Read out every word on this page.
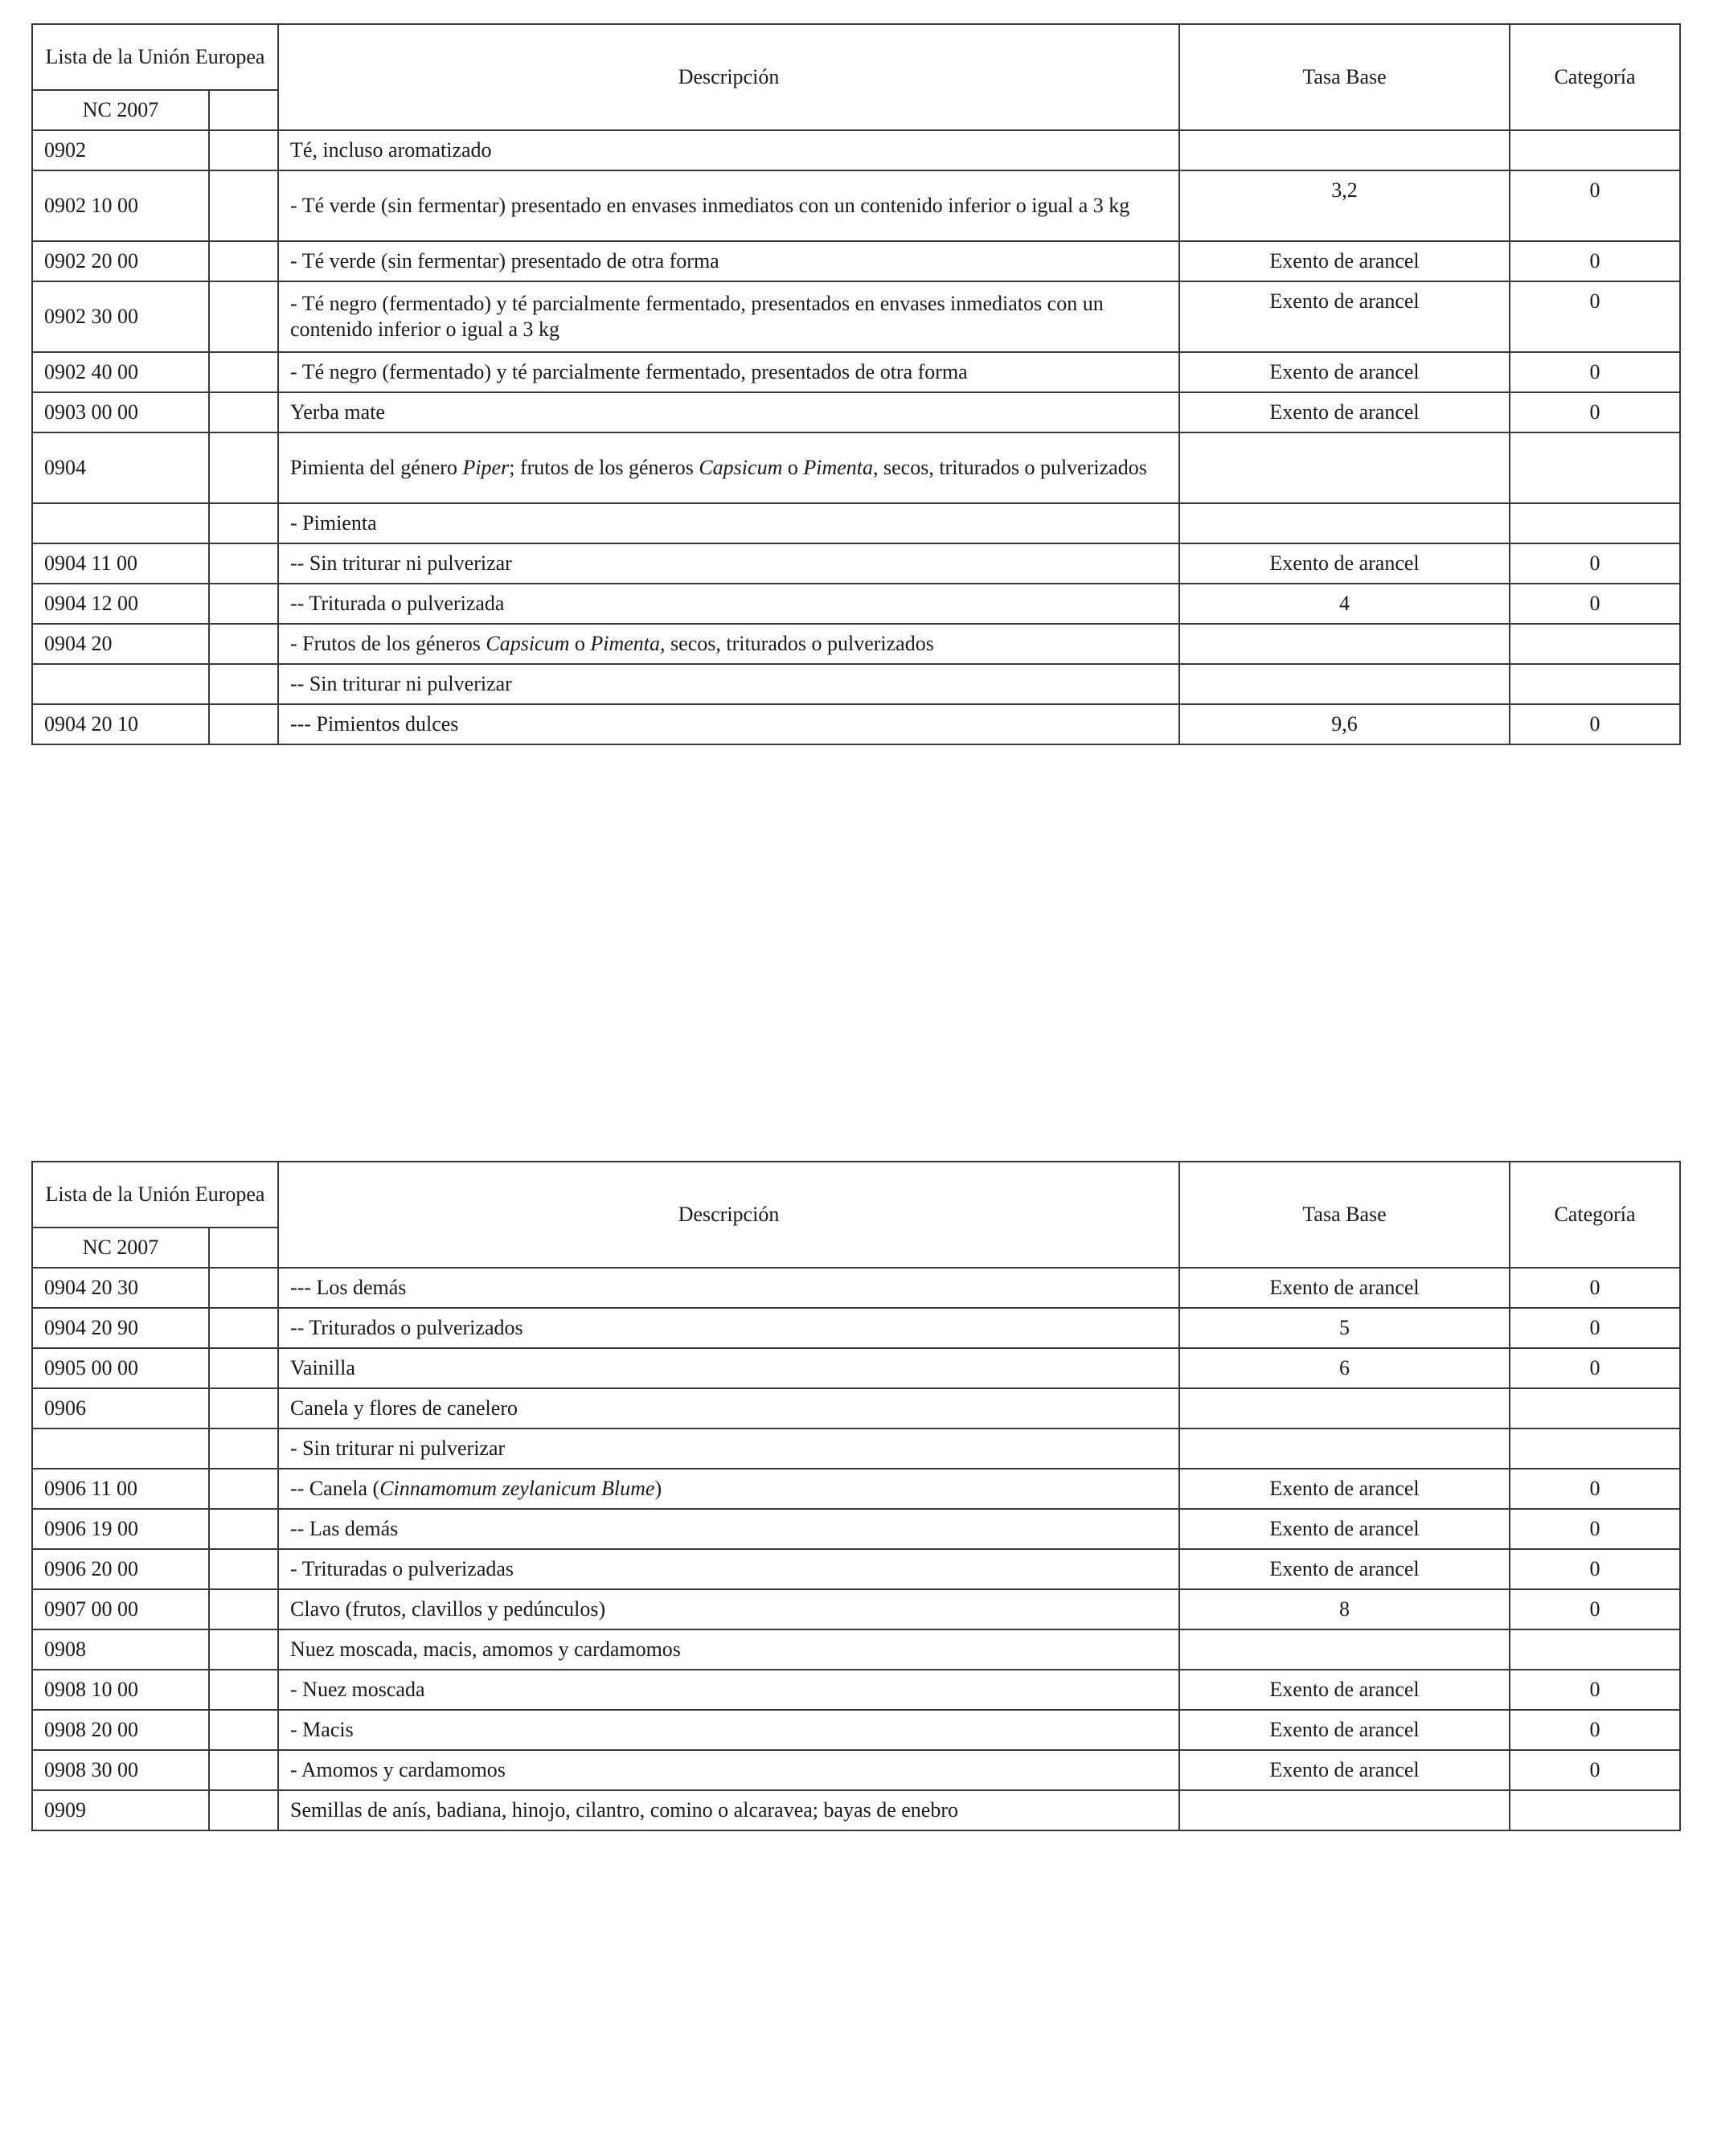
Lista de la Unión Europea		Descripción	Tasa Base	Categoría
NC 2007				
0902		Té, incluso aromatizado		
0902 10 00		- Té verde (sin fermentar) presentado en envases inmediatos con un contenido inferior o igual a 3 kg	3,2	0
0902 20 00		- Té verde (sin fermentar) presentado de otra forma	Exento de arancel	0
0902 30 00		- Té negro (fermentado) y té parcialmente fermentado, presentados en envases inmediatos con un contenido inferior o igual a 3 kg	Exento de arancel	0
0902 40 00		- Té negro (fermentado) y té parcialmente fermentado, presentados de otra forma	Exento de arancel	0
0903 00 00		Yerba mate	Exento de arancel	0
0904		Pimienta del género Piper; frutos de los géneros Capsicum o Pimenta, secos, triturados o pulverizados		
		- Pimienta		
0904 11 00		-- Sin triturar ni pulverizar	Exento de arancel	0
0904 12 00		-- Triturada o pulverizada	4	0
0904 20		- Frutos de los géneros Capsicum o Pimenta, secos, triturados o pulverizados		
		-- Sin triturar ni pulverizar		
0904 20 10		--- Pimientos dulces	9,6	0
Lista de la Unión Europea		Descripción	Tasa Base	Categoría
NC 2007				
0904 20 30		--- Los demás	Exento de arancel	0
0904 20 90		-- Triturados o pulverizados	5	0
0905 00 00		Vainilla	6	0
0906		Canela y flores de canelero		
		- Sin triturar ni pulverizar		
0906 11 00		-- Canela (Cinnamomum zeylanicum Blume)	Exento de arancel	0
0906 19 00		-- Las demás	Exento de arancel	0
0906 20 00		- Trituradas o pulverizadas	Exento de arancel	0
0907 00 00		Clavo (frutos, clavillos y pedúnculos)	8	0
0908		Nuez moscada, macis, amomos y cardamomos		
0908 10 00		- Nuez moscada	Exento de arancel	0
0908 20 00		- Macis	Exento de arancel	0
0908 30 00		- Amomos y cardamomos	Exento de arancel	0
0909		Semillas de anís, badiana, hinojo, cilantro, comino o alcaravea; bayas de enebro		
